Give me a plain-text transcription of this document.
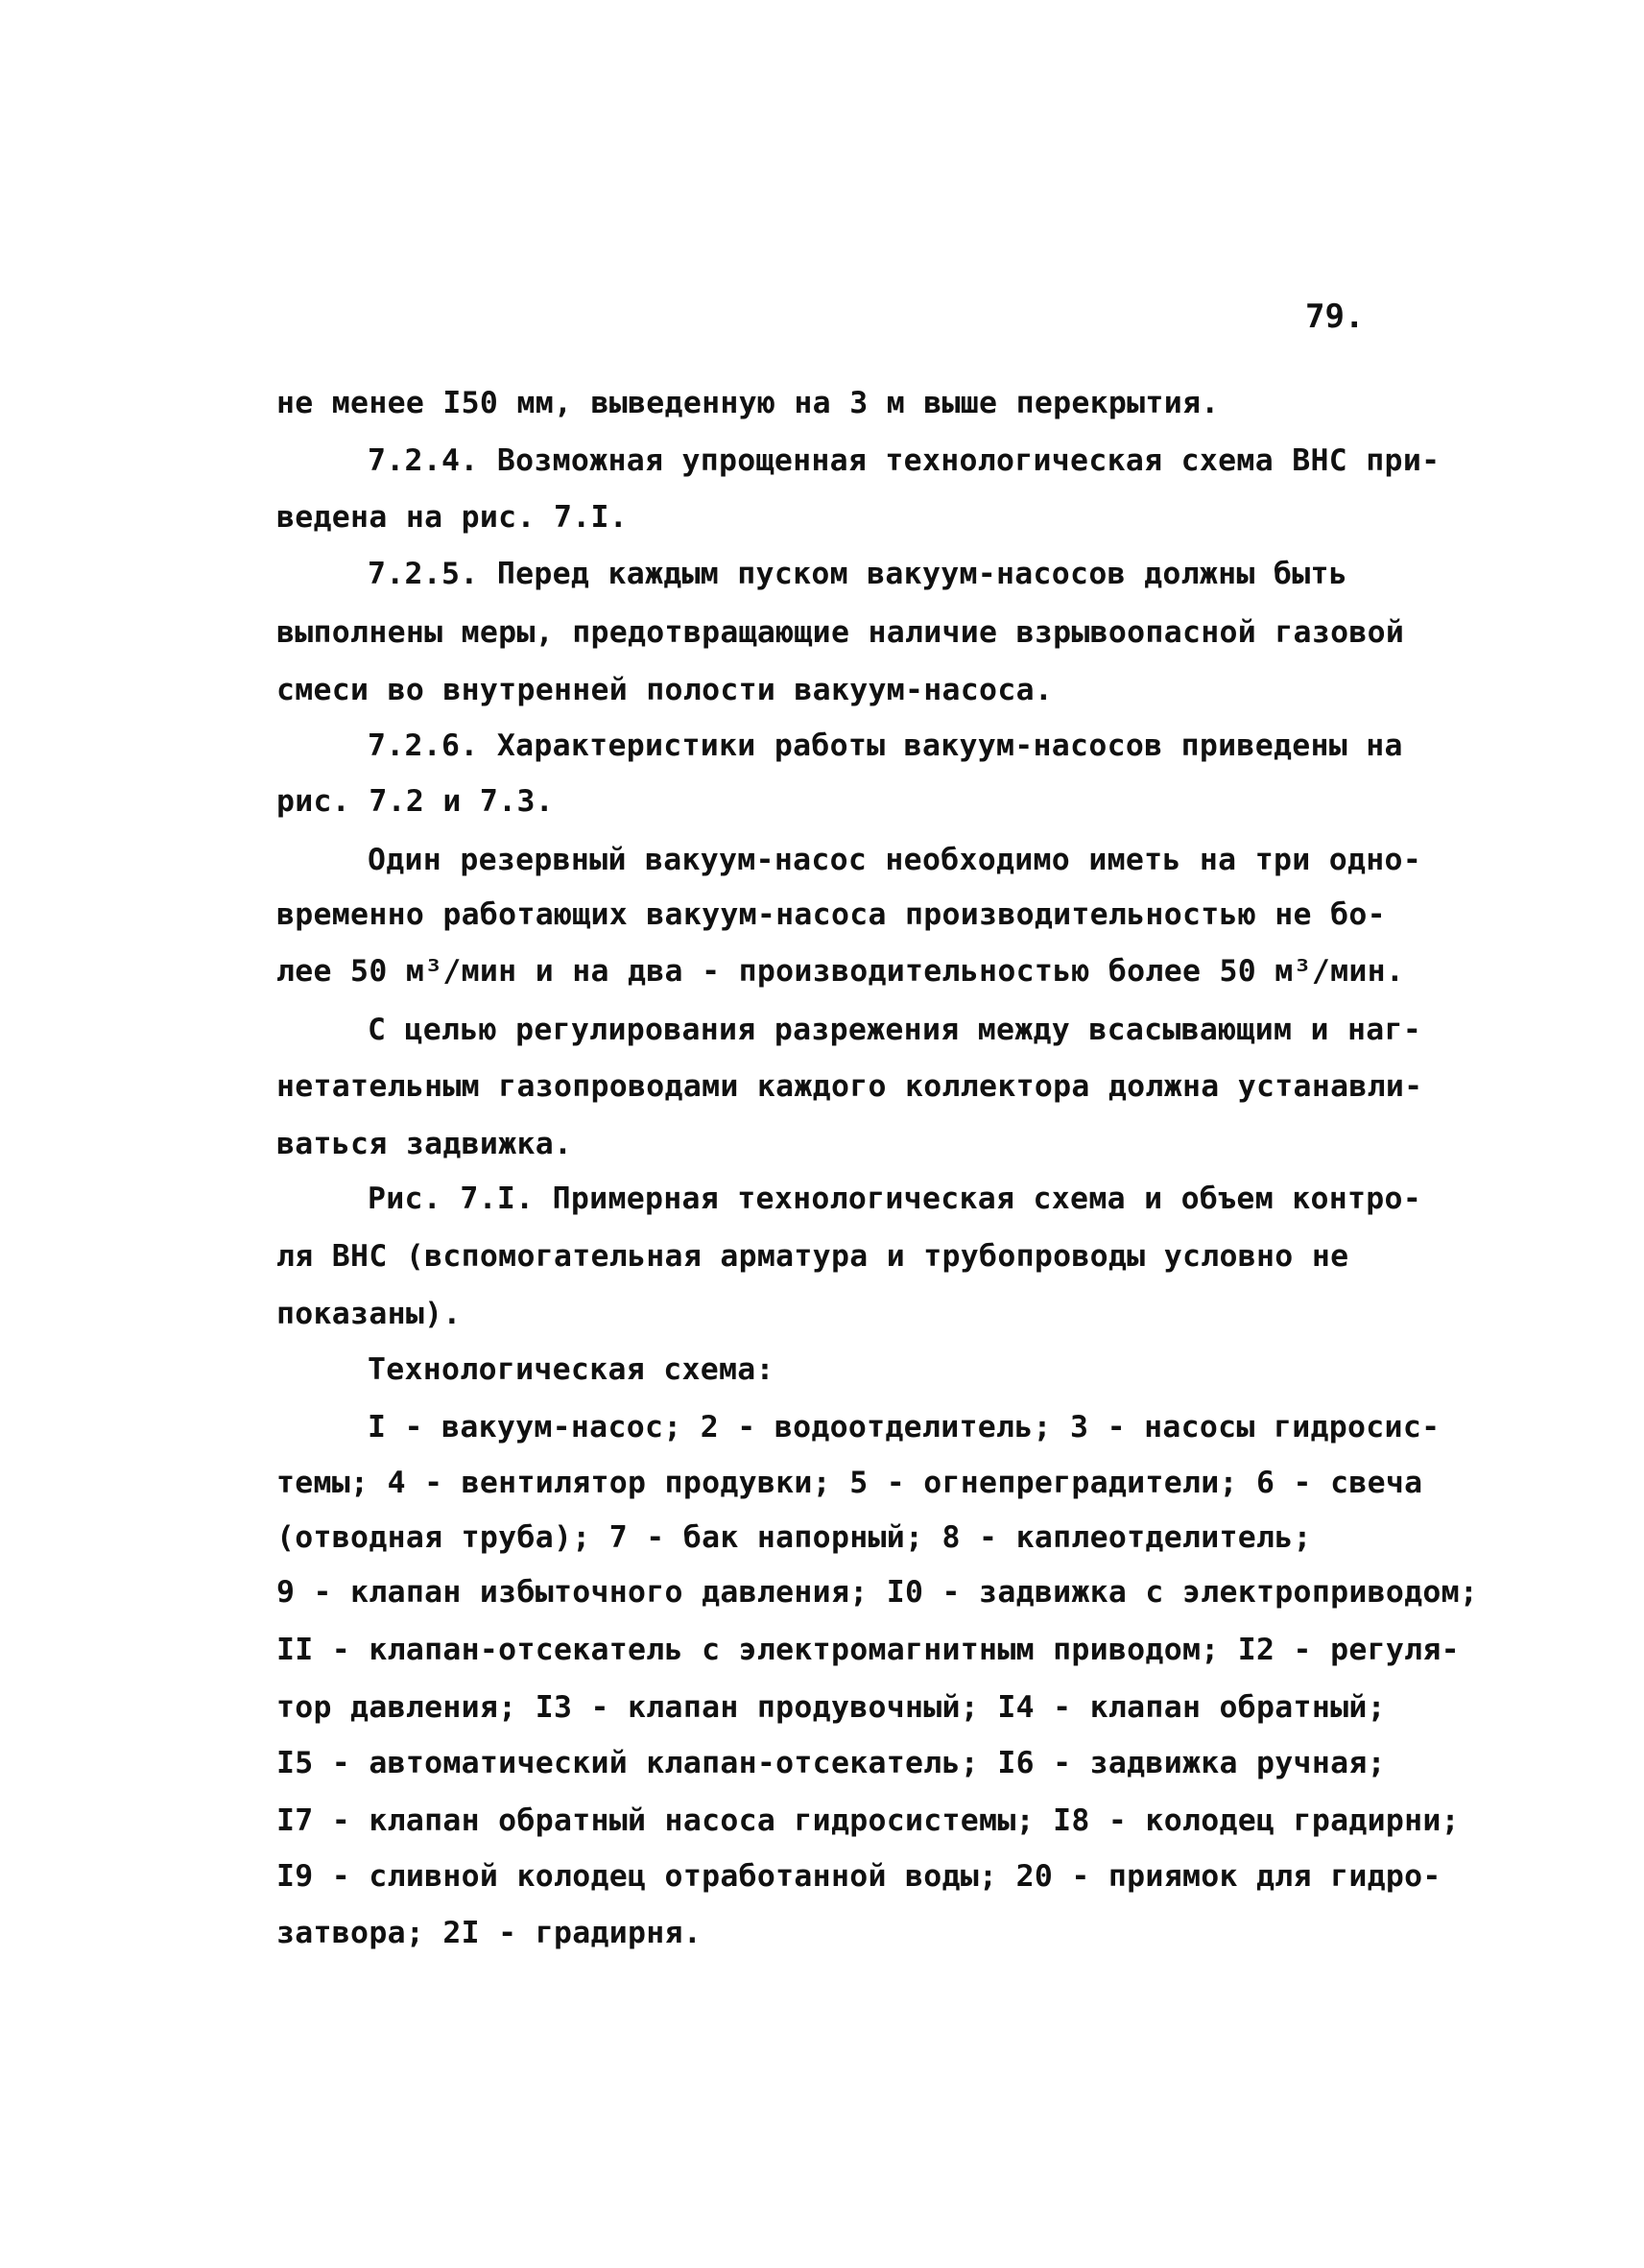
79.

не менее I50 мм, выведенную на 3 м выше перекрытия.

7.2.4. Возможная упрощенная технологическая схема ВНС при-

ведена на рис. 7.I.

7.2.5. Перед каждым пуском вакуум-насосов должны быть

выполнены меры, предотвращающие наличие взрывоопасной газовой

смеси во внутренней полости вакуум-насоса.

7.2.6. Характеристики работы вакуум-насосов приведены на

рис. 7.2 и 7.3.

Один резервный вакуум-насос необходимо иметь на три одно-

временно работающих вакуум-насоса производительностью не бо-

лее 50 м³/мин и на два - производительностью более 50 м³/мин.

С целью регулирования разрежения между всасывающим и наг-

нетательным газопроводами каждого коллектора должна устанавли-

ваться задвижка.

Рис. 7.I. Примерная технологическая схема и объем контро-

ля ВНС (вспомогательная арматура и трубопроводы условно не

показаны).

Технологическая схема:

I - вакуум-насос; 2 - водоотделитель; 3 - насосы гидросис-

темы; 4 - вентилятор продувки; 5 - огнепреградители; 6 - свеча

(отводная труба); 7 - бак напорный; 8 - каплеотделитель;

9 - клапан избыточного давления; I0 - задвижка с электроприводом;

II - клапан-отсекатель с электромагнитным приводом; I2 - регуля-

тор давления; I3 - клапан продувочный; I4 - клапан обратный;

I5 - автоматический клапан-отсекатель; I6 - задвижка ручная;

I7 - клапан обратный насоса гидросистемы; I8 - колодец градирни;

I9 - сливной колодец отработанной воды; 20 - приямок для гидро-

затвора; 2I - градирня.
